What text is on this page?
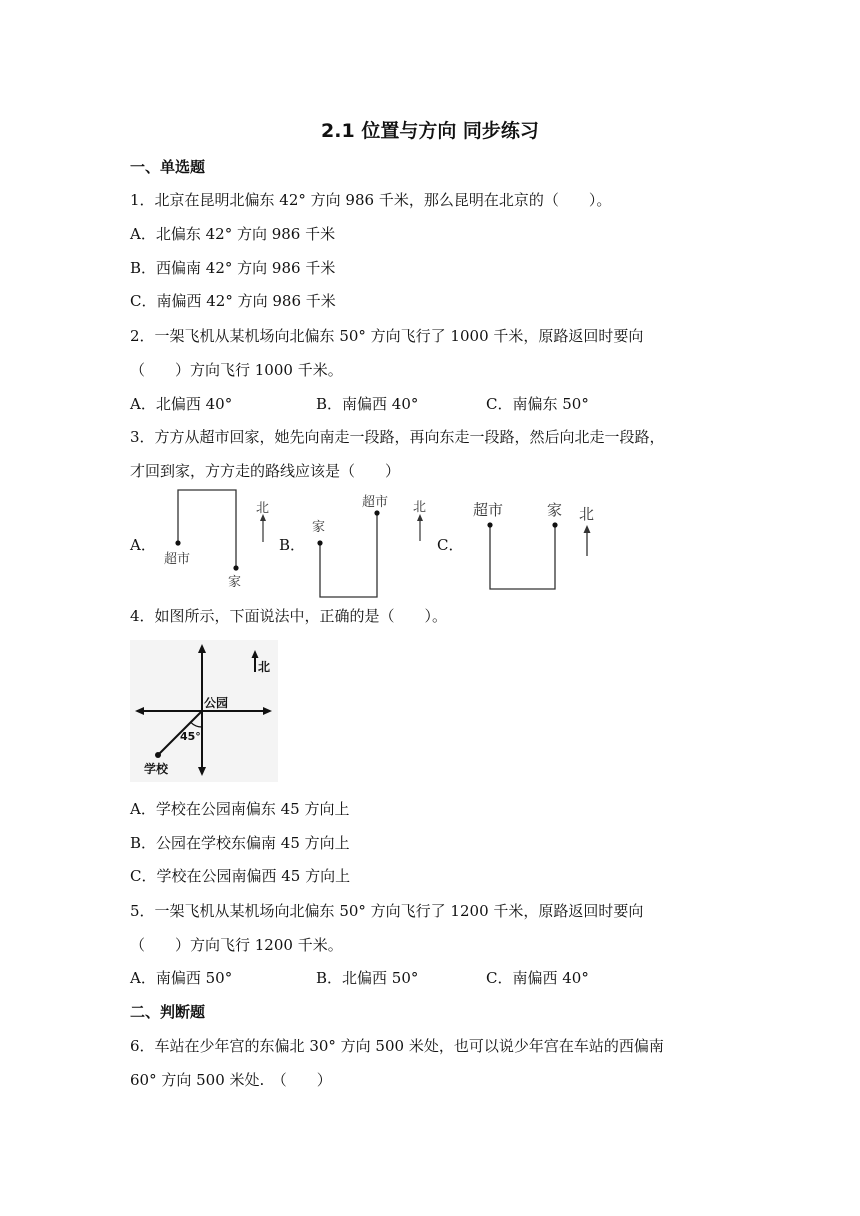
2.1 位置与方向 同步练习
一、单选题
1．北京在昆明北偏东 42° 方向 986 千米，那么昆明在北京的（　　）。
A．北偏东 42° 方向 986 千米
B．西偏南 42° 方向 986 千米
C．南偏西 42° 方向 986 千米
2．一架飞机从某机场向北偏东 50° 方向飞行了 1000 千米，原路返回时要向
（　　）方向飞行 1000 千米。
A．北偏西 40°	B．南偏西 40°	C．南偏东 50°
3．方方从超市回家，她先向南走一段路，再向东走一段路，然后向北走一段路，
才回到家，方方走的路线应该是（　　）
A．	B．	C．
超市
家
北
家
超市 北	超市	家 北
4．如图所示，下面说法中，正确的是（　　）。
北
公园
45°
学校
A．学校在公园南偏东 45 方向上
B．公园在学校东偏南 45 方向上
C．学校在公园南偏西 45 方向上
5．一架飞机从某机场向北偏东 50° 方向飞行了 1200 千米，原路返回时要向
（　　）方向飞行 1200 千米。
A．南偏西 50°	B．北偏西 50°	C．南偏西 40°
二、判断题
6．车站在少年宫的东偏北 30° 方向 500 米处，也可以说少年宫在车站的西偏南
60° 方向 500 米处.　（　　）
